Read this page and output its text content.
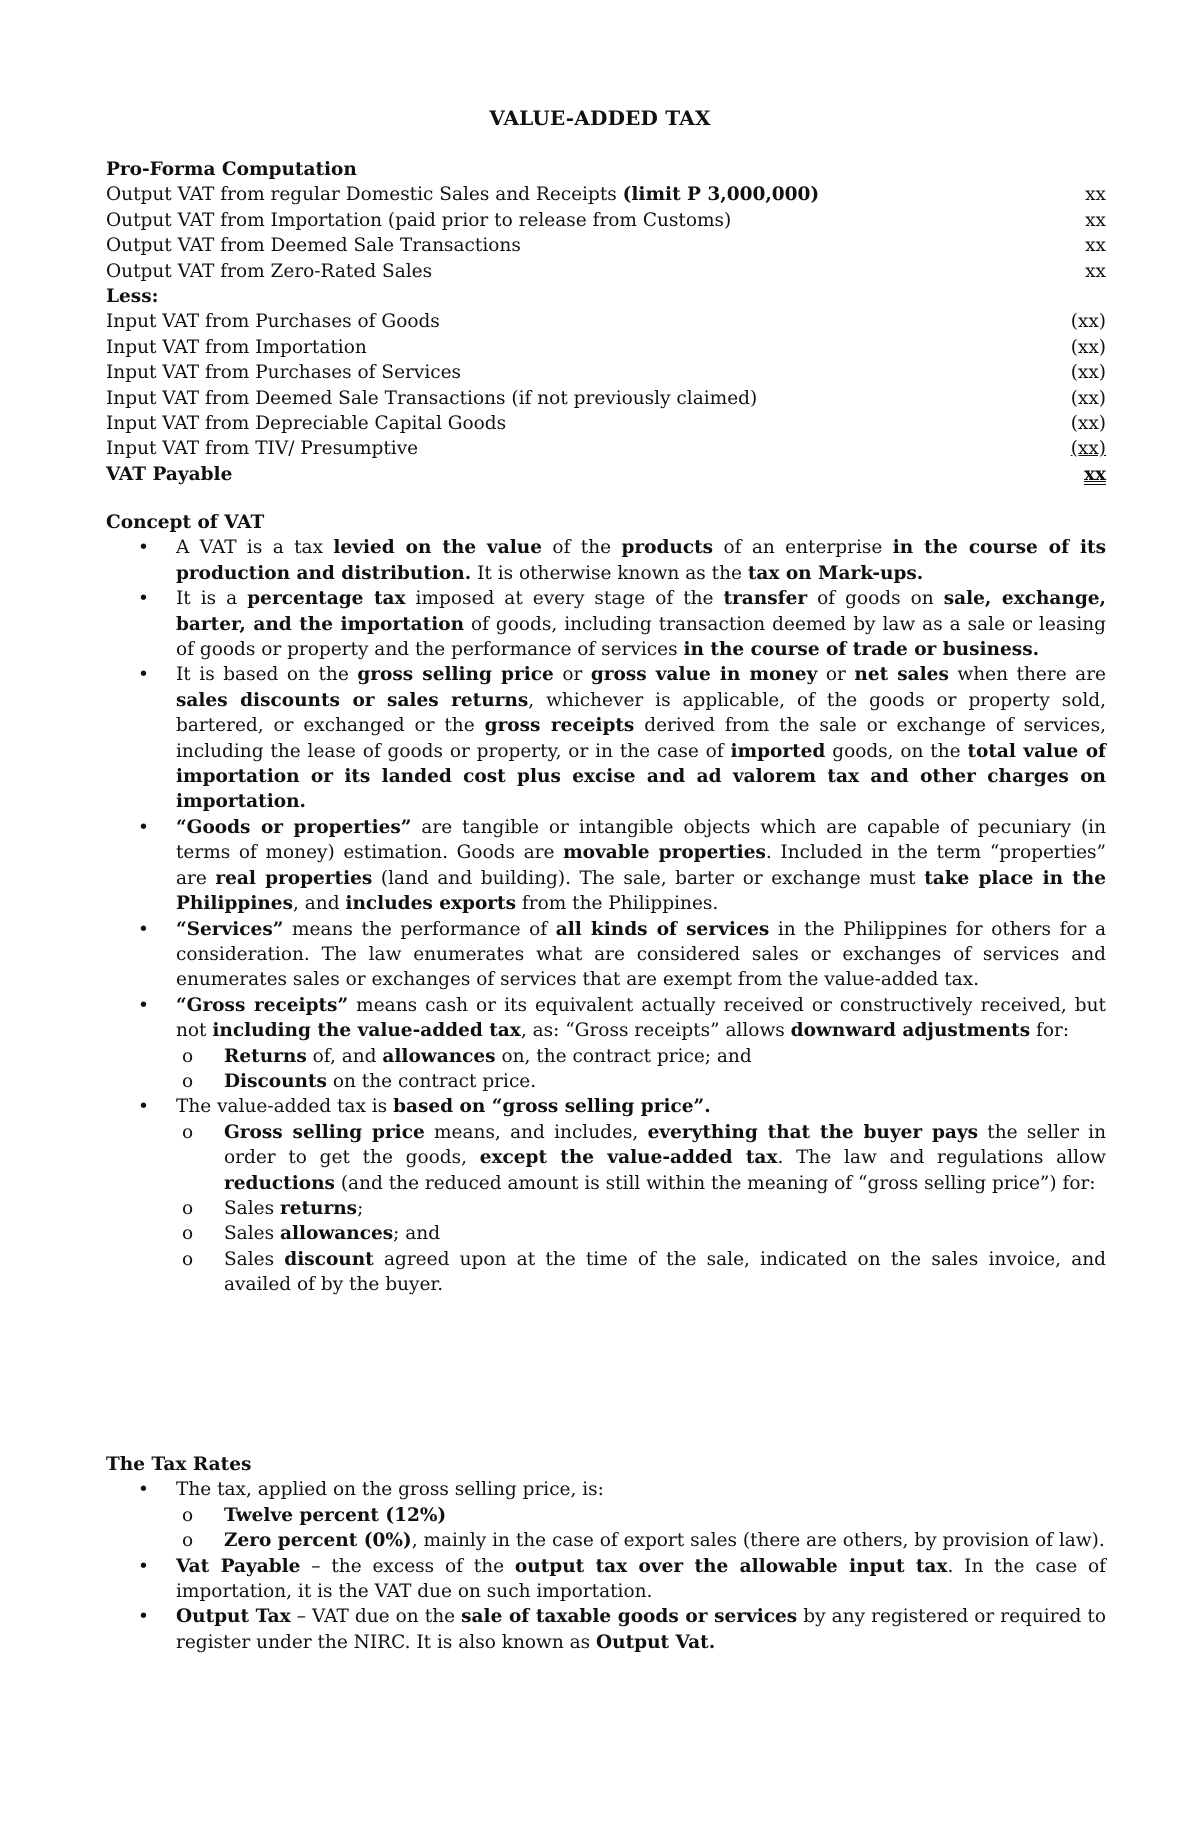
VALUE-ADDED TAX
Pro-Forma Computation
Output VAT from regular Domestic Sales and Receipts (limit P 3,000,000)	xx
Output VAT from Importation (paid prior to release from Customs)	xx
Output VAT from Deemed Sale Transactions	xx
Output VAT from Zero-Rated Sales	xx
Less:
Input VAT from Purchases of Goods	(xx)
Input VAT from Importation	(xx)
Input VAT from Purchases of Services	(xx)
Input VAT from Deemed Sale Transactions (if not previously claimed)	(xx)
Input VAT from Depreciable Capital Goods	(xx)
Input VAT from TIV/ Presumptive	(xx)
VAT Payable	xx
Concept of VAT
• A VAT is a tax levied on the value of the products of an enterprise in the course of its production and distribution. It is otherwise known as the tax on Mark-ups.
• It is a percentage tax imposed at every stage of the transfer of goods on sale, exchange, barter, and the importation of goods, including transaction deemed by law as a sale or leasing of goods or property and the performance of services in the course of trade or business.
• It is based on the gross selling price or gross value in money or net sales when there are sales discounts or sales returns, whichever is applicable, of the goods or property sold, bartered, or exchanged or the gross receipts derived from the sale or exchange of services, including the lease of goods or property, or in the case of imported goods, on the total value of importation or its landed cost plus excise and ad valorem tax and other charges on importation.
• “Goods or properties” are tangible or intangible objects which are capable of pecuniary (in terms of money) estimation. Goods are movable properties. Included in the term “properties” are real properties (land and building). The sale, barter or exchange must take place in the Philippines, and includes exports from the Philippines.
• “Services” means the performance of all kinds of services in the Philippines for others for a consideration. The law enumerates what are considered sales or exchanges of services and enumerates sales or exchanges of services that are exempt from the value-added tax.
• “Gross receipts” means cash or its equivalent actually received or constructively received, but not including the value-added tax, as: “Gross receipts” allows downward adjustments for:
o Returns of, and allowances on, the contract price; and
o Discounts on the contract price.
• The value-added tax is based on “gross selling price”.
o Gross selling price means, and includes, everything that the buyer pays the seller in order to get the goods, except the value-added tax. The law and regulations allow reductions (and the reduced amount is still within the meaning of “gross selling price”) for:
o Sales returns;
o Sales allowances; and
o Sales discount agreed upon at the time of the sale, indicated on the sales invoice, and availed of by the buyer.
The Tax Rates
• The tax, applied on the gross selling price, is:
o Twelve percent (12%)
o Zero percent (0%), mainly in the case of export sales (there are others, by provision of law).
• Vat Payable – the excess of the output tax over the allowable input tax. In the case of importation, it is the VAT due on such importation.
• Output Tax – VAT due on the sale of taxable goods or services by any registered or required to register under the NIRC. It is also known as Output Vat.
